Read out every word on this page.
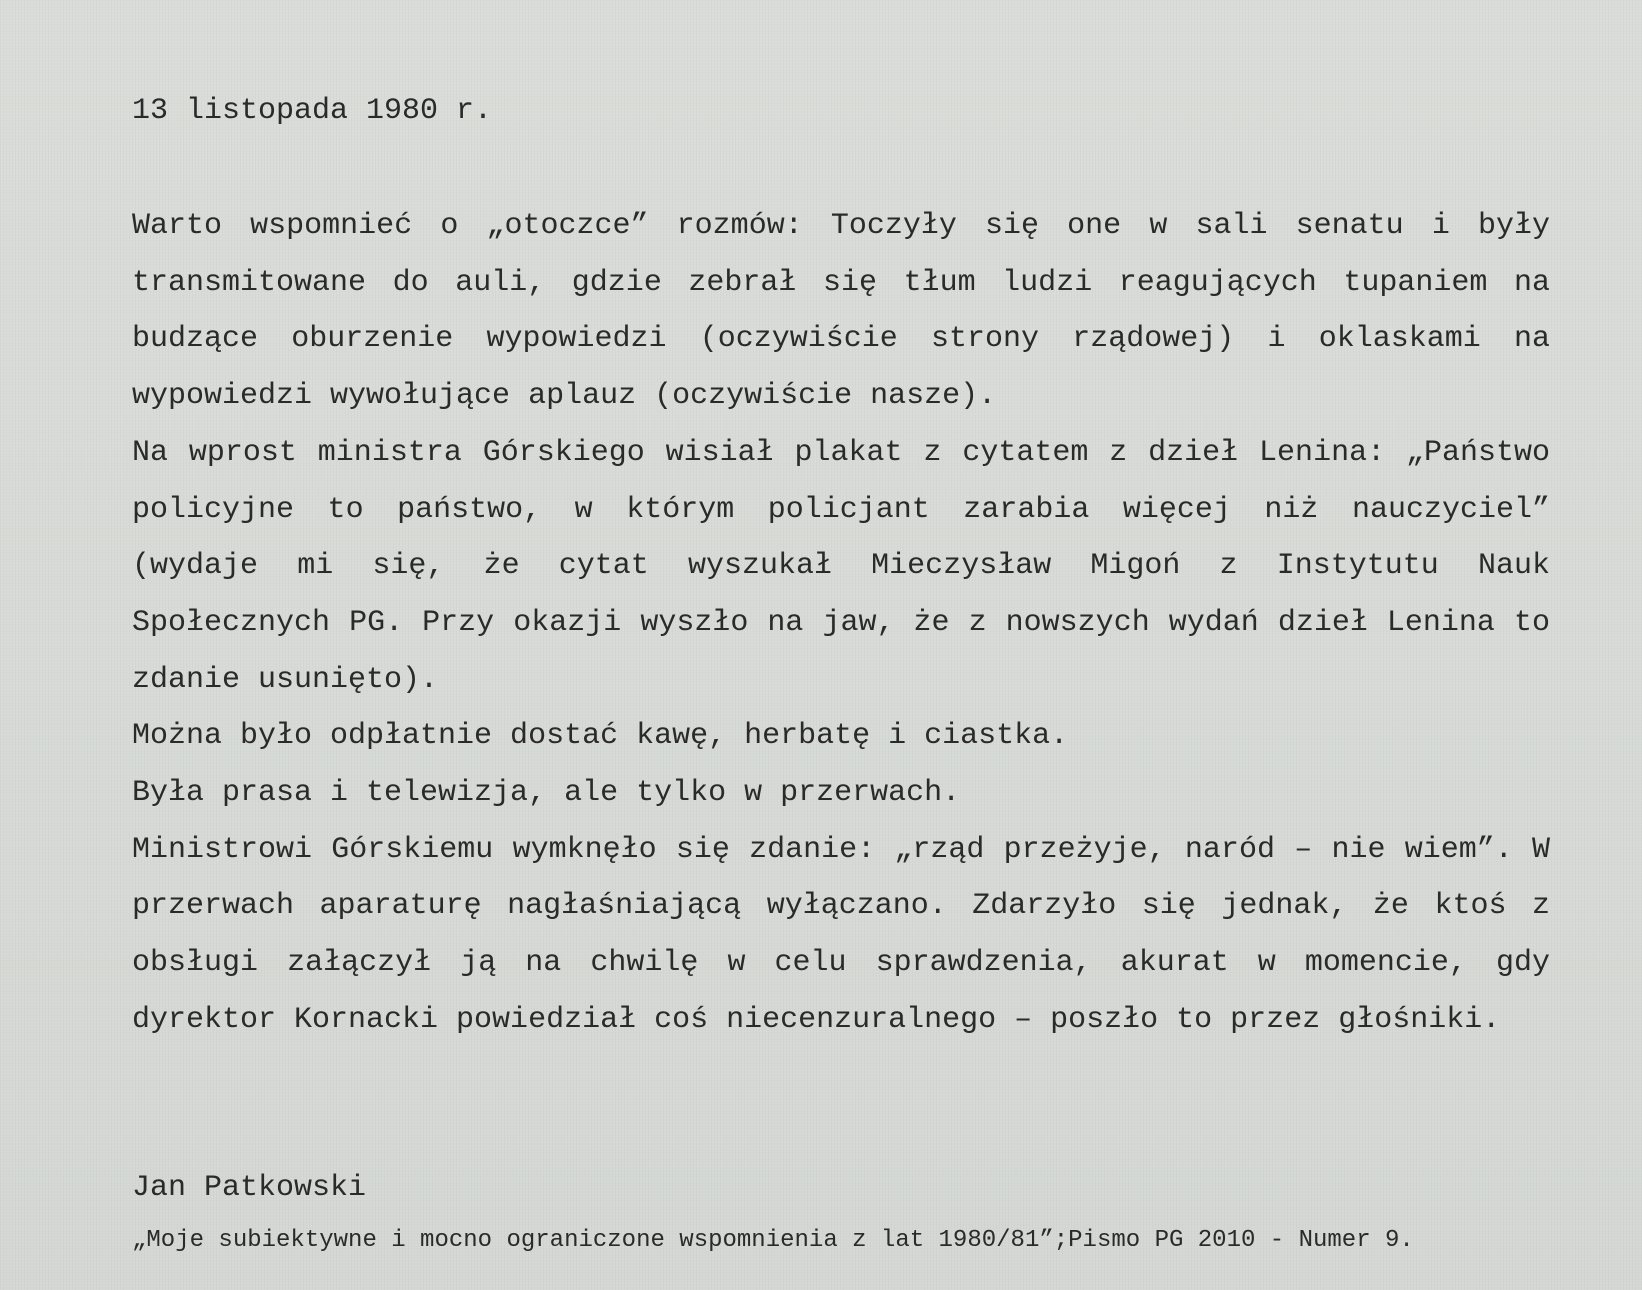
13 listopada 1980 r.

Warto wspomnieć o „otoczce” rozmów: Toczyły się one w sali senatu i były transmitowane do auli, gdzie zebrał się tłum ludzi reagujących tupaniem na budzące oburzenie wypowiedzi (oczywiście strony rządowej) i oklaskami na wypowiedzi wywołujące aplauz (oczywiście nasze).

Na wprost ministra Górskiego wisiał plakat z cytatem z dzieł Lenina: „Państwo policyjne to państwo, w którym policjant zarabia więcej niż nauczyciel” (wydaje mi się, że cytat wyszukał Mieczysław Migoń z Instytutu Nauk Społecznych PG. Przy okazji wyszło na jaw, że z nowszych wydań dzieł Lenina to zdanie usunięto).

Można było odpłatnie dostać kawę, herbatę i ciastka.

Była prasa i telewizja, ale tylko w przerwach.

Ministrowi Górskiemu wymknęło się zdanie: „rząd przeżyje, naród – nie wiem”. W przerwach aparaturę nagłaśniającą wyłączano. Zdarzyło się jednak, że ktoś z obsługi załączył ją na chwilę w celu sprawdzenia, akurat w momencie, gdy dyrektor Kornacki powiedział coś niecenzuralnego – poszło to przez głośniki.

Jan Patkowski
„Moje subiektywne i mocno ograniczone wspomnienia z lat 1980/81”;Pismo PG 2010 - Numer 9.
